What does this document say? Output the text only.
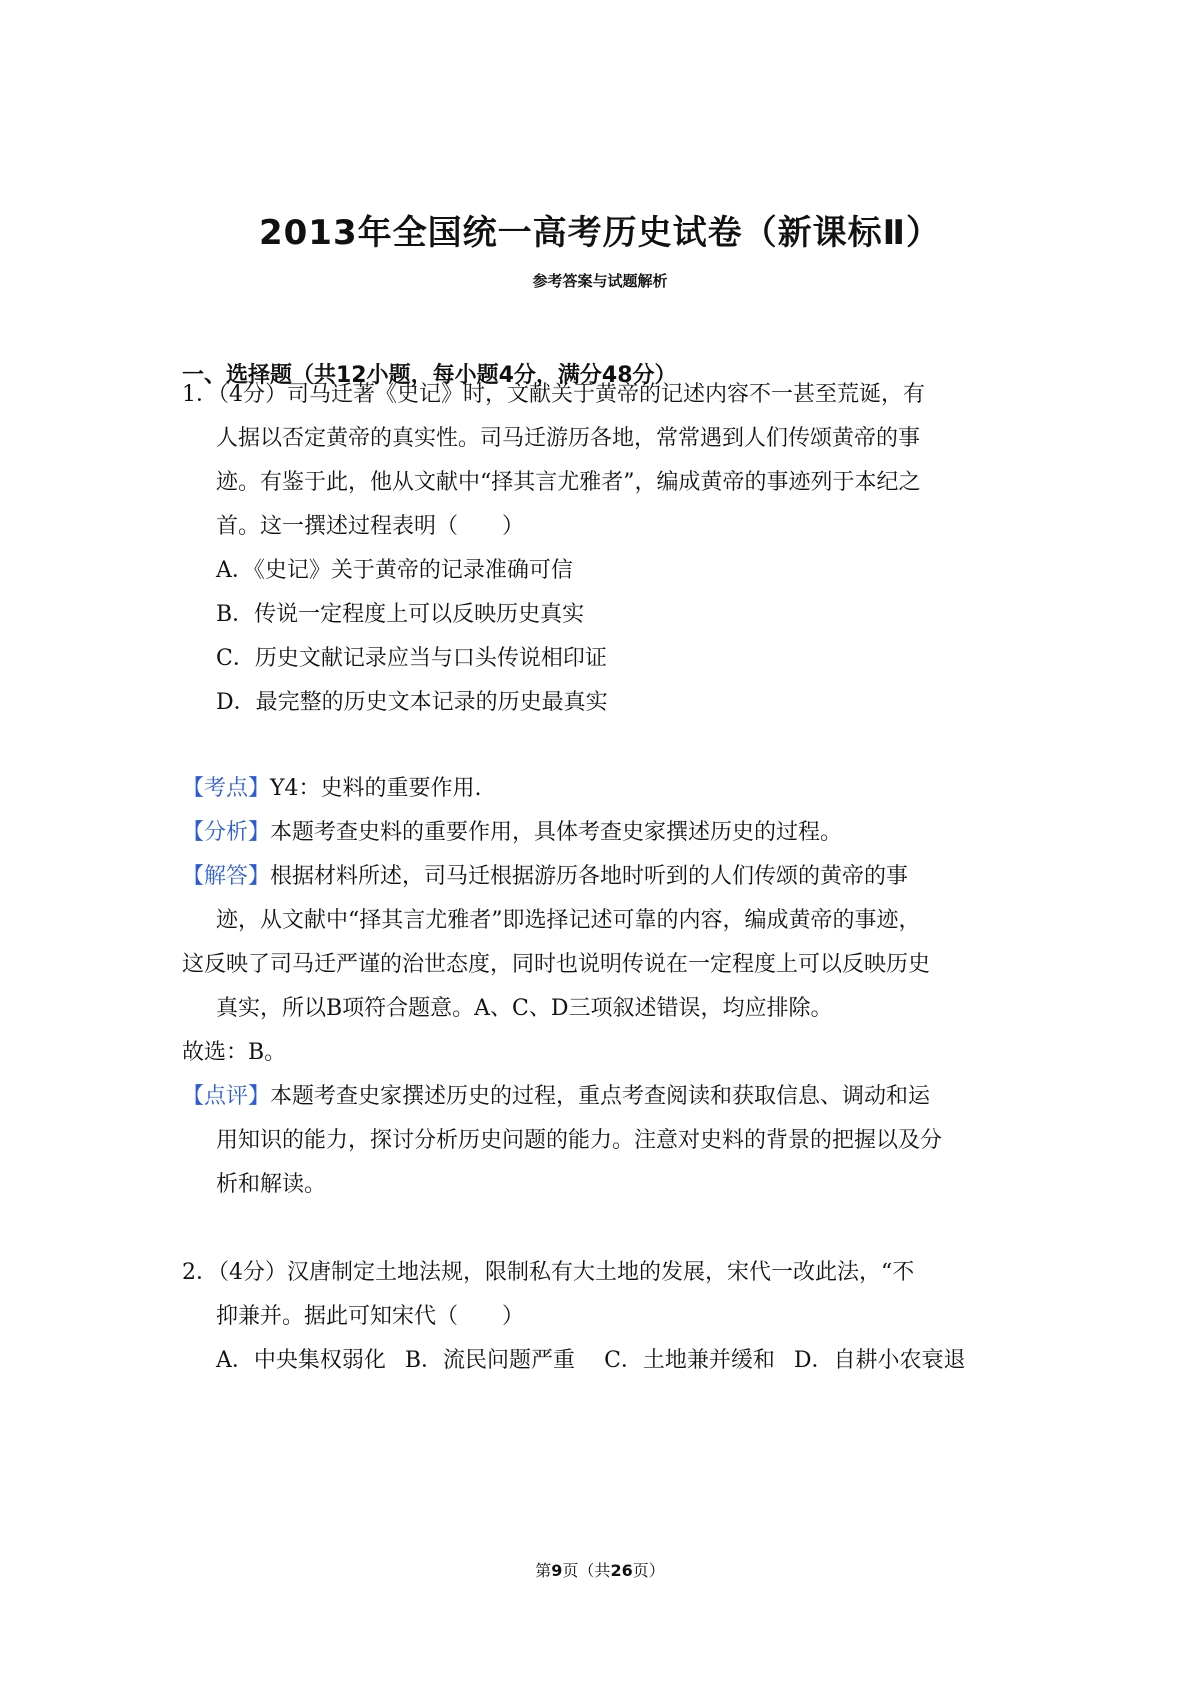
2013年全国统一高考历史试卷（新课标Ⅱ）
参考答案与试题解析
一、选择题（共12小题，每小题4分，满分48分）
1．（4分）司马迁著《史记》时，文献关于黄帝的记述内容不一甚至荒诞，有
人据以否定黄帝的真实性。司马迁游历各地，常常遇到人们传颂黄帝的事
迹。有鉴于此，他从文献中“择其言尤雅者”，编成黄帝的事迹列于本纪之
首。这一撰述过程表明（　　）
A．《史记》关于黄帝的记录准确可信
B．传说一定程度上可以反映历史真实
C．历史文献记录应当与口头传说相印证
D．最完整的历史文本记录的历史最真实
【考点】Y4：史料的重要作用.
【分析】本题考查史料的重要作用，具体考查史家撰述历史的过程。
【解答】根据材料所述，司马迁根据游历各地时听到的人们传颂的黄帝的事
迹，从文献中“择其言尤雅者”即选择记述可靠的内容，编成黄帝的事迹，
这反映了司马迁严谨的治世态度，同时也说明传说在一定程度上可以反映历史
真实，所以B项符合题意。A、C、D三项叙述错误，均应排除。
故选：B。
【点评】本题考查史家撰述历史的过程，重点考查阅读和获取信息、调动和运
用知识的能力，探讨分析历史问题的能力。注意对史料的背景的把握以及分
析和解读。
2．（4分）汉唐制定土地法规，限制私有大土地的发展，宋代一改此法，“不
抑兼并。据此可知宋代（　　）
A．中央集权弱化 B．流民问题严重 C．土地兼并缓和 D．自耕小农衰退
第9页（共26页）
